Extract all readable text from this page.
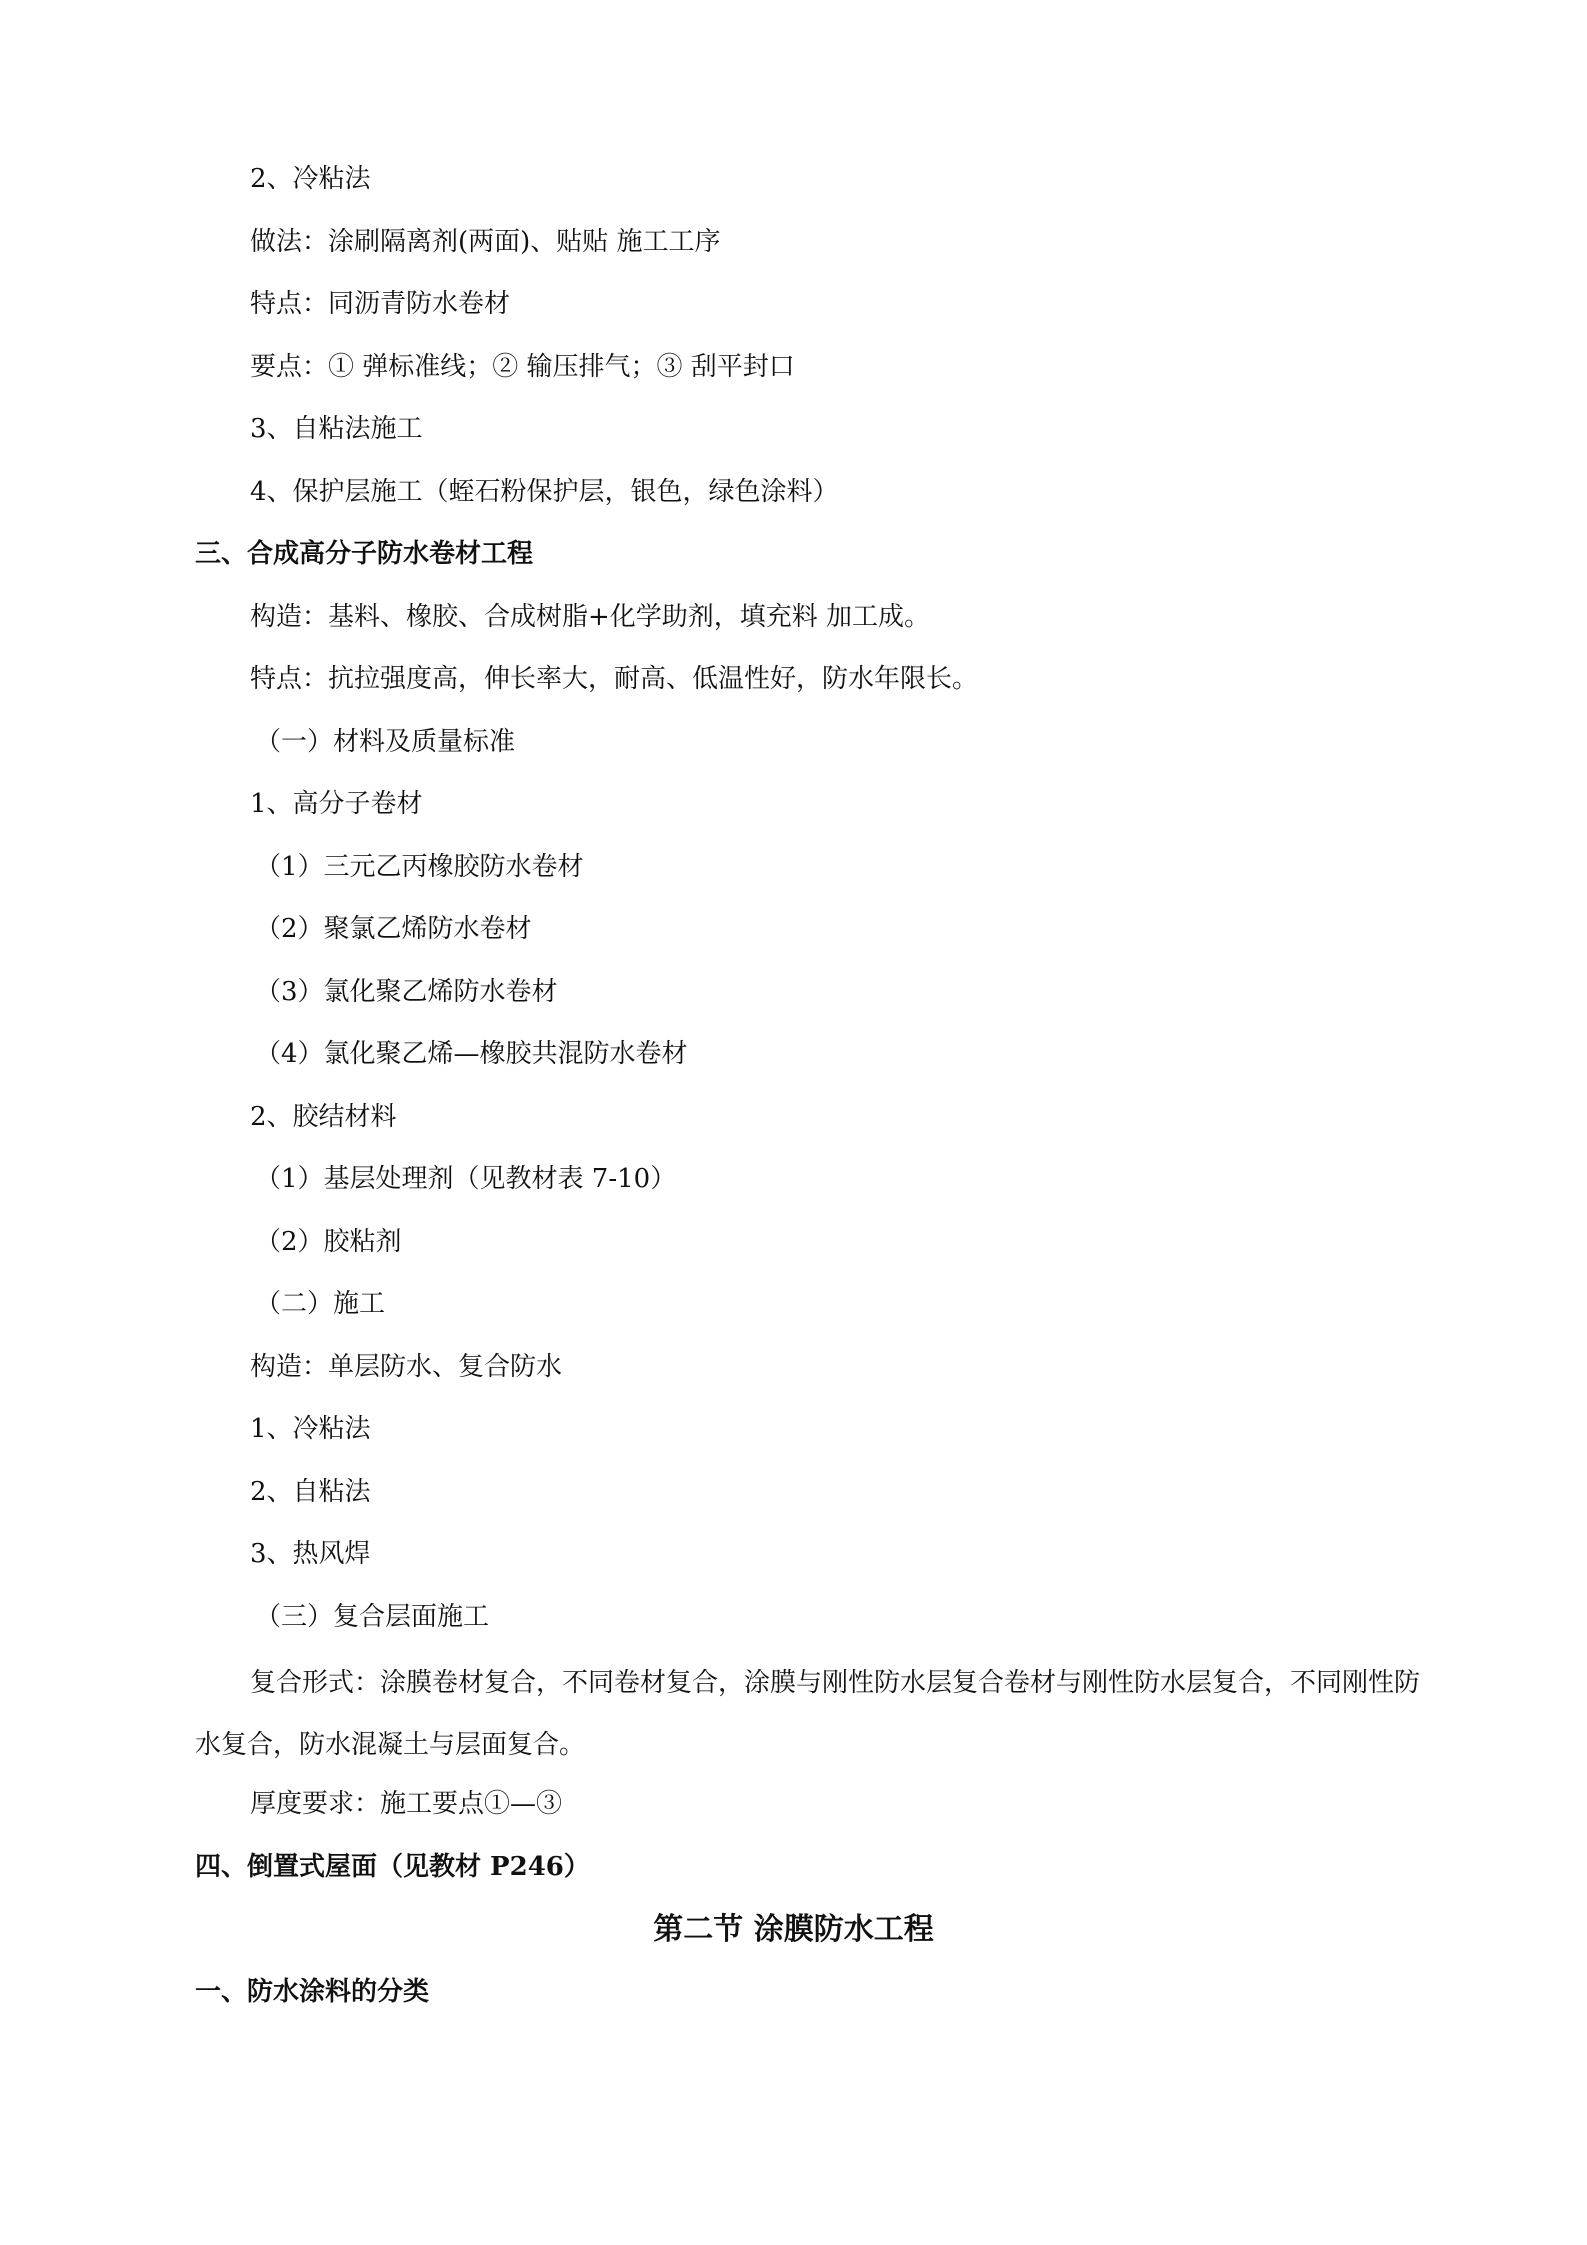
2、冷粘法
做法：涂刷隔离剂(两面)、贴贴 施工工序
特点：同沥青防水卷材
要点：① 弹标准线；② 输压排气；③ 刮平封口
3、自粘法施工
4、保护层施工（蛭石粉保护层，银色，绿色涂料）
三、合成高分子防水卷材工程
构造：基料、橡胶、合成树脂+化学助剂，填充料 加工成。
特点：抗拉强度高，伸长率大，耐高、低温性好，防水年限长。
（一）材料及质量标准
1、高分子卷材
（1）三元乙丙橡胶防水卷材
（2）聚氯乙烯防水卷材
（3）氯化聚乙烯防水卷材
（4）氯化聚乙烯—橡胶共混防水卷材
2、胶结材料
（1）基层处理剂（见教材表 7-10）
（2）胶粘剂
（二）施工
构造：单层防水、复合防水
1、冷粘法
2、自粘法
3、热风焊
（三）复合层面施工
复合形式：涂膜卷材复合，不同卷材复合，涂膜与刚性防水层复合卷材与刚性防水层复合，不同刚性防水复合，防水混凝土与层面复合。
厚度要求：施工要点①—③
四、倒置式屋面（见教材 P246）
第二节 涂膜防水工程
一、防水涂料的分类
